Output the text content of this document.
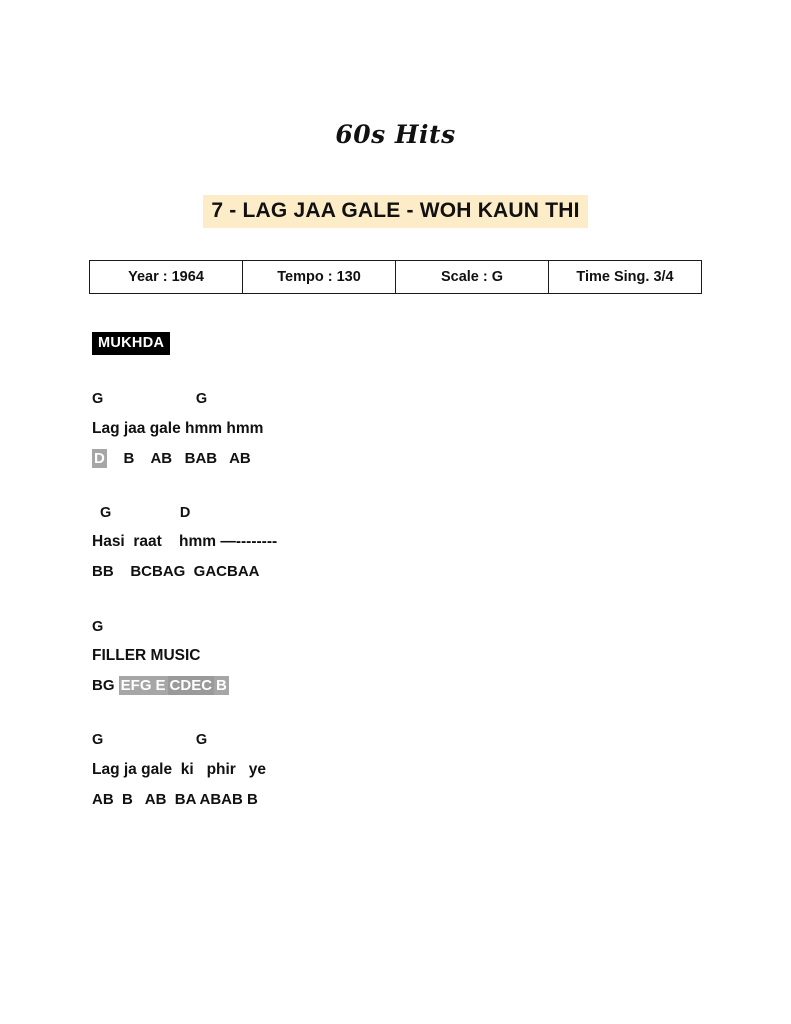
60s Hits
7 - LAG JAA GALE - WOH KAUN THI
Year : 1964	Tempo : 130	Scale : G	Time Sing. 3/4
MUKHDA
G                       G
Lag jaa gale hmm hmm
D    B    AB   BAB   AB
G                 D
Hasi  raat    hmm —--------
BB    BCBAG  GACBAA
G
FILLER MUSIC
BG EFG E CDEC B
G                       G
Lag ja gale  ki   phir   ye
AB  B   AB  BA ABAB B
